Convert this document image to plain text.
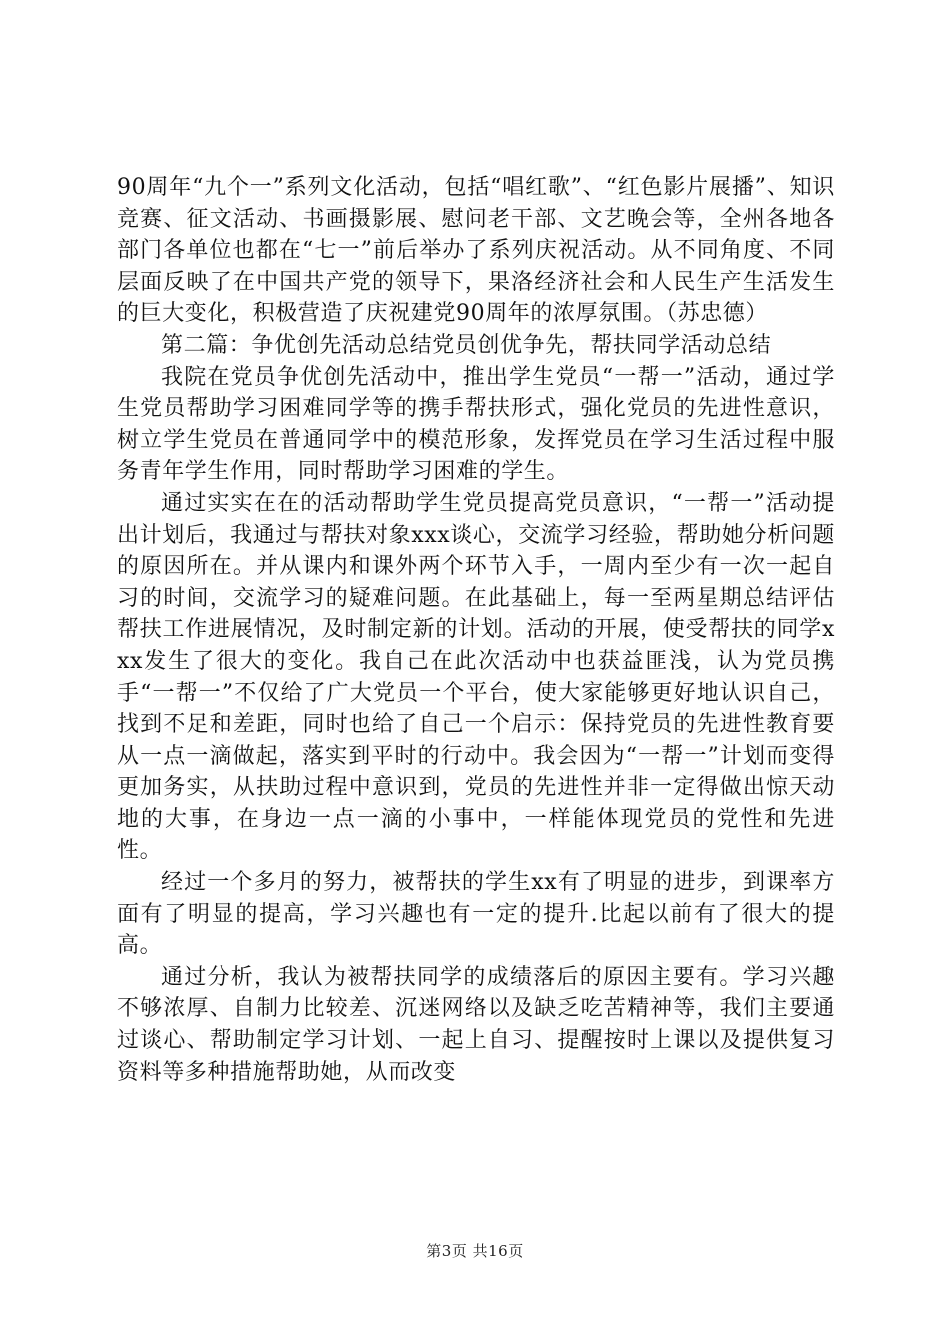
90周年“九个一”系列文化活动，包括“唱红歌”、“红色影片展播”、知识竞赛、征文活动、书画摄影展、慰问老干部、文艺晚会等，全州各地各部门各单位也都在“七一”前后举办了系列庆祝活动。从不同角度、不同层面反映了在中国共产党的领导下，果洛经济社会和人民生产生活发生的巨大变化，积极营造了庆祝建党90周年的浓厚氛围。（苏忠德）

第二篇：争优创先活动总结党员创优争先，帮扶同学活动总结

我院在党员争优创先活动中，推出学生党员“一帮一”活动，通过学生党员帮助学习困难同学等的携手帮扶形式，强化党员的先进性意识，树立学生党员在普通同学中的模范形象，发挥党员在学习生活过程中服务青年学生作用，同时帮助学习困难的学生。

通过实实在在的活动帮助学生党员提高党员意识，“一帮一”活动提出计划后，我通过与帮扶对象xxx谈心，交流学习经验，帮助她分析问题的原因所在。并从课内和课外两个环节入手，一周内至少有一次一起自习的时间，交流学习的疑难问题。在此基础上，每一至两星期总结评估帮扶工作进展情况，及时制定新的计划。活动的开展，使受帮扶的同学xxx发生了很大的变化。我自己在此次活动中也获益匪浅，认为党员携手“一帮一”不仅给了广大党员一个平台，使大家能够更好地认识自己，找到不足和差距，同时也给了自己一个启示：保持党员的先进性教育要从一点一滴做起，落实到平时的行动中。我会因为“一帮一”计划而变得更加务实，从扶助过程中意识到，党员的先进性并非一定得做出惊天动地的大事，在身边一点一滴的小事中，一样能体现党员的党性和先进性。

经过一个多月的努力，被帮扶的学生xx有了明显的进步，到课率方面有了明显的提高，学习兴趣也有一定的提升.比起以前有了很大的提高。

通过分析，我认为被帮扶同学的成绩落后的原因主要有。学习兴趣不够浓厚、自制力比较差、沉迷网络以及缺乏吃苦精神等，我们主要通过谈心、帮助制定学习计划、一起上自习、提醒按时上课以及提供复习资料等多种措施帮助她，从而改变

第3页 共16页
